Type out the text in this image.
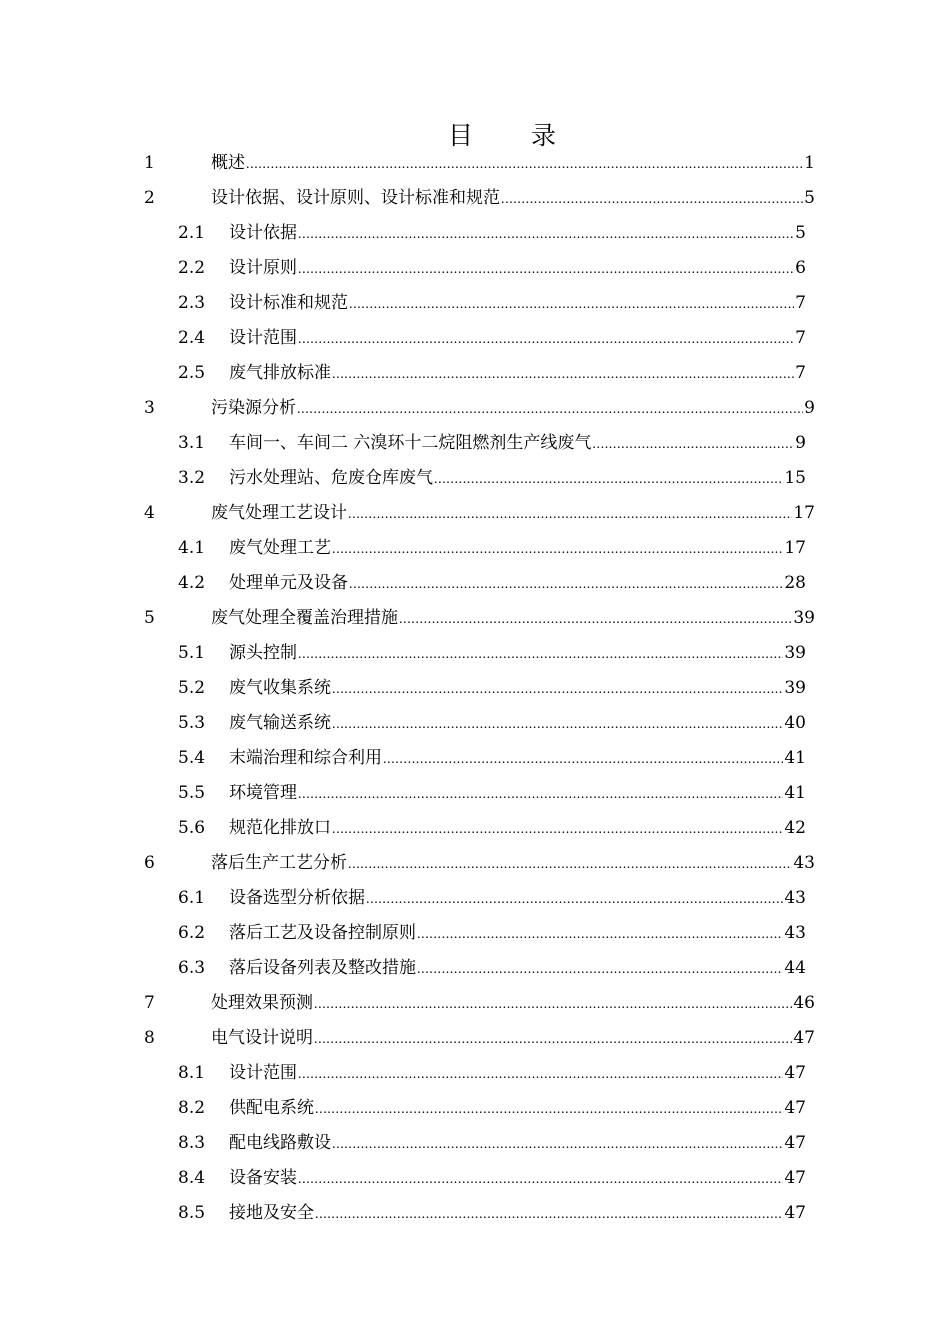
目 录
1	概述 .....	1
2	设计依据、设计原则、设计标准和规范 .....	5
2.1 设计依据 .....	5
2.2 设计原则 .....	6
2.3 设计标准和规范 .....	7
2.4 设计范围 .....	7
2.5 废气排放标准 .....	7
3	污染源分析 .....	9
3.1 车间一、车间二 六溴环十二烷阻燃剂生产线废气 .....	9
3.2 污水处理站、危废仓库废气 .....	15
4	废气处理工艺设计 .....	17
4.1 废气处理工艺 .....	17
4.2 处理单元及设备 .....	28
5	废气处理全覆盖治理措施 .....	39
5.1 源头控制 .....	39
5.2 废气收集系统 .....	39
5.3 废气输送系统 .....	40
5.4 末端治理和综合利用 .....	41
5.5 环境管理 .....	41
5.6 规范化排放口 .....	42
6	落后生产工艺分析 .....	43
6.1 设备选型分析依据 .....	43
6.2 落后工艺及设备控制原则 .....	43
6.3 落后设备列表及整改措施 .....	44
7	处理效果预测 .....	46
8	电气设计说明 .....	47
8.1 设计范围 .....	47
8.2 供配电系统 .....	47
8.3 配电线路敷设 .....	47
8.4 设备安装 .....	47
8.5 接地及安全 .....	47
